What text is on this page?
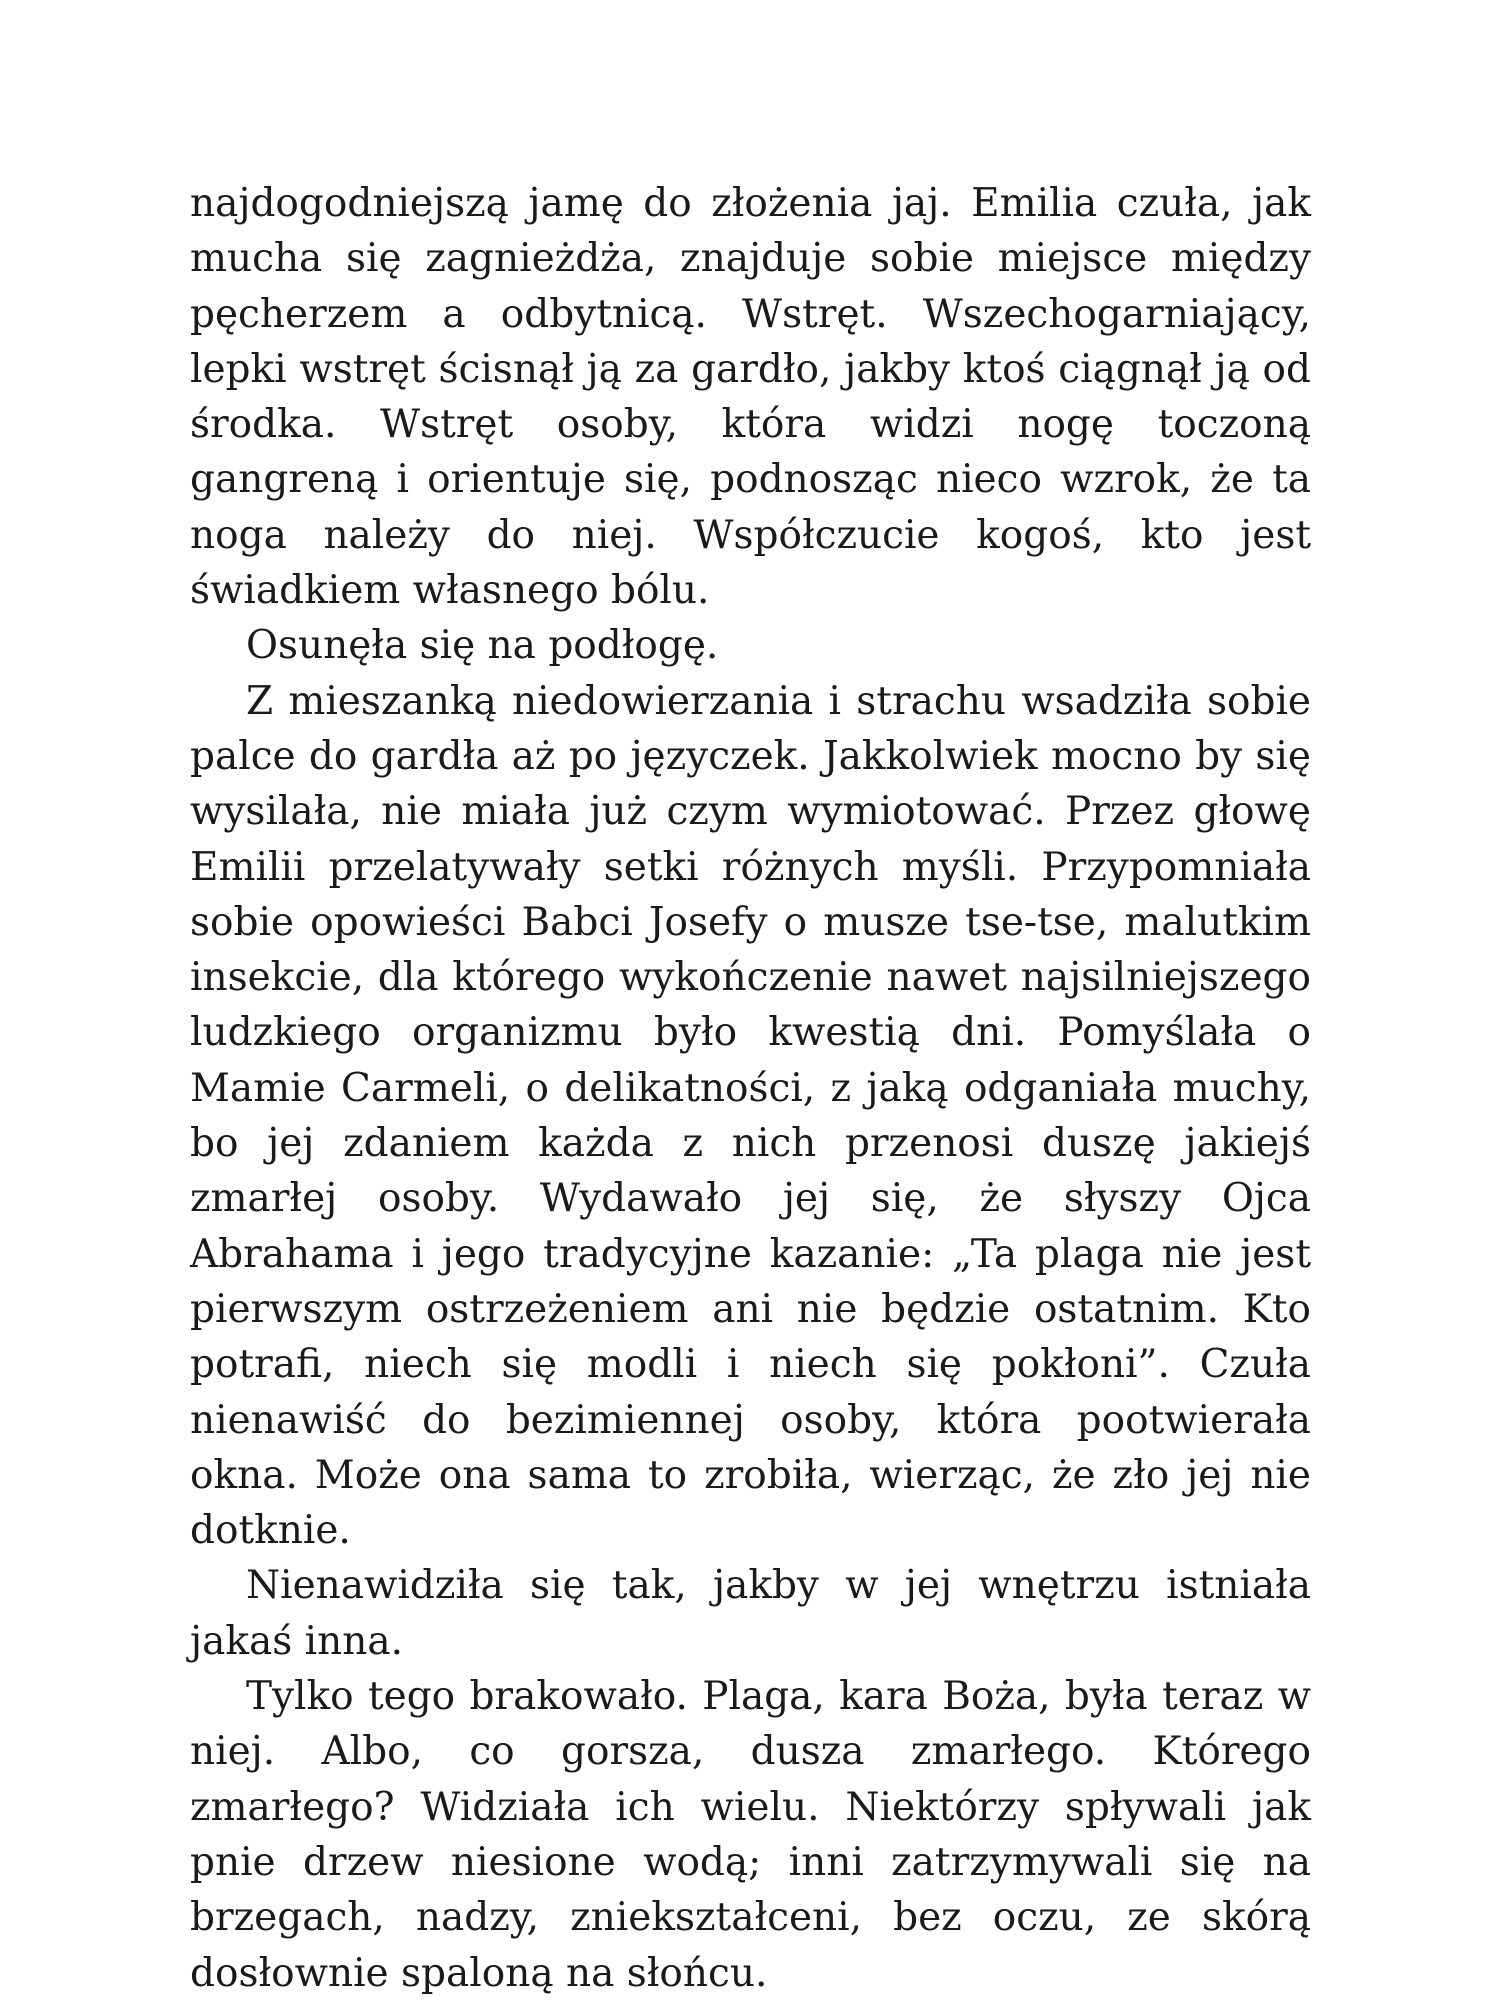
najdogodniejszą jamę do złożenia jaj. Emilia czuła, jak mucha się zagnieżdża, znajduje sobie miejsce między pęcherzem a odbytnicą. Wstręt. Wszechogarniający, lepki wstręt ścisnął ją za gardło, jakby ktoś ciągnął ją od środka. Wstręt osoby, która widzi nogę toczoną gangreną i orientuje się, podnosząc nieco wzrok, że ta noga należy do niej. Współczucie kogoś, kto jest świadkiem własnego bólu.

Osunęła się na podłogę.

Z mieszanką niedowierzania i strachu wsadziła sobie palce do gardła aż po języczek. Jakkolwiek mocno by się wysilała, nie miała już czym wymiotować. Przez głowę Emilii przelatywały setki różnych myśli. Przypomniała sobie opowieści Babci Josefy o musze tse-tse, malutkim insekcie, dla którego wykończenie nawet najsilniejszego ludzkiego organizmu było kwestią dni. Pomyślała o Mamie Carmeli, o delikatności, z jaką odganiała muchy, bo jej zdaniem każda z nich przenosi duszę jakiejś zmarłej osoby. Wydawało jej się, że słyszy Ojca Abrahama i jego tradycyjne kazanie: „Ta plaga nie jest pierwszym ostrzeżeniem ani nie będzie ostatnim. Kto potrafi, niech się modli i niech się pokłoni”. Czuła nienawiść do bezimiennej osoby, która pootwierała okna. Może ona sama to zrobiła, wierząc, że zło jej nie dotknie.

Nienawidziła się tak, jakby w jej wnętrzu istniała jakaś inna.

Tylko tego brakowało. Plaga, kara Boża, była teraz w niej. Albo, co gorsza, dusza zmarłego. Którego zmarłego? Widziała ich wielu. Niektórzy spływali jak pnie drzew niesione wodą; inni zatrzymywali się na brzegach, nadzy, zniekształceni, bez oczu, ze skórą dosłownie spaloną na słońcu.
